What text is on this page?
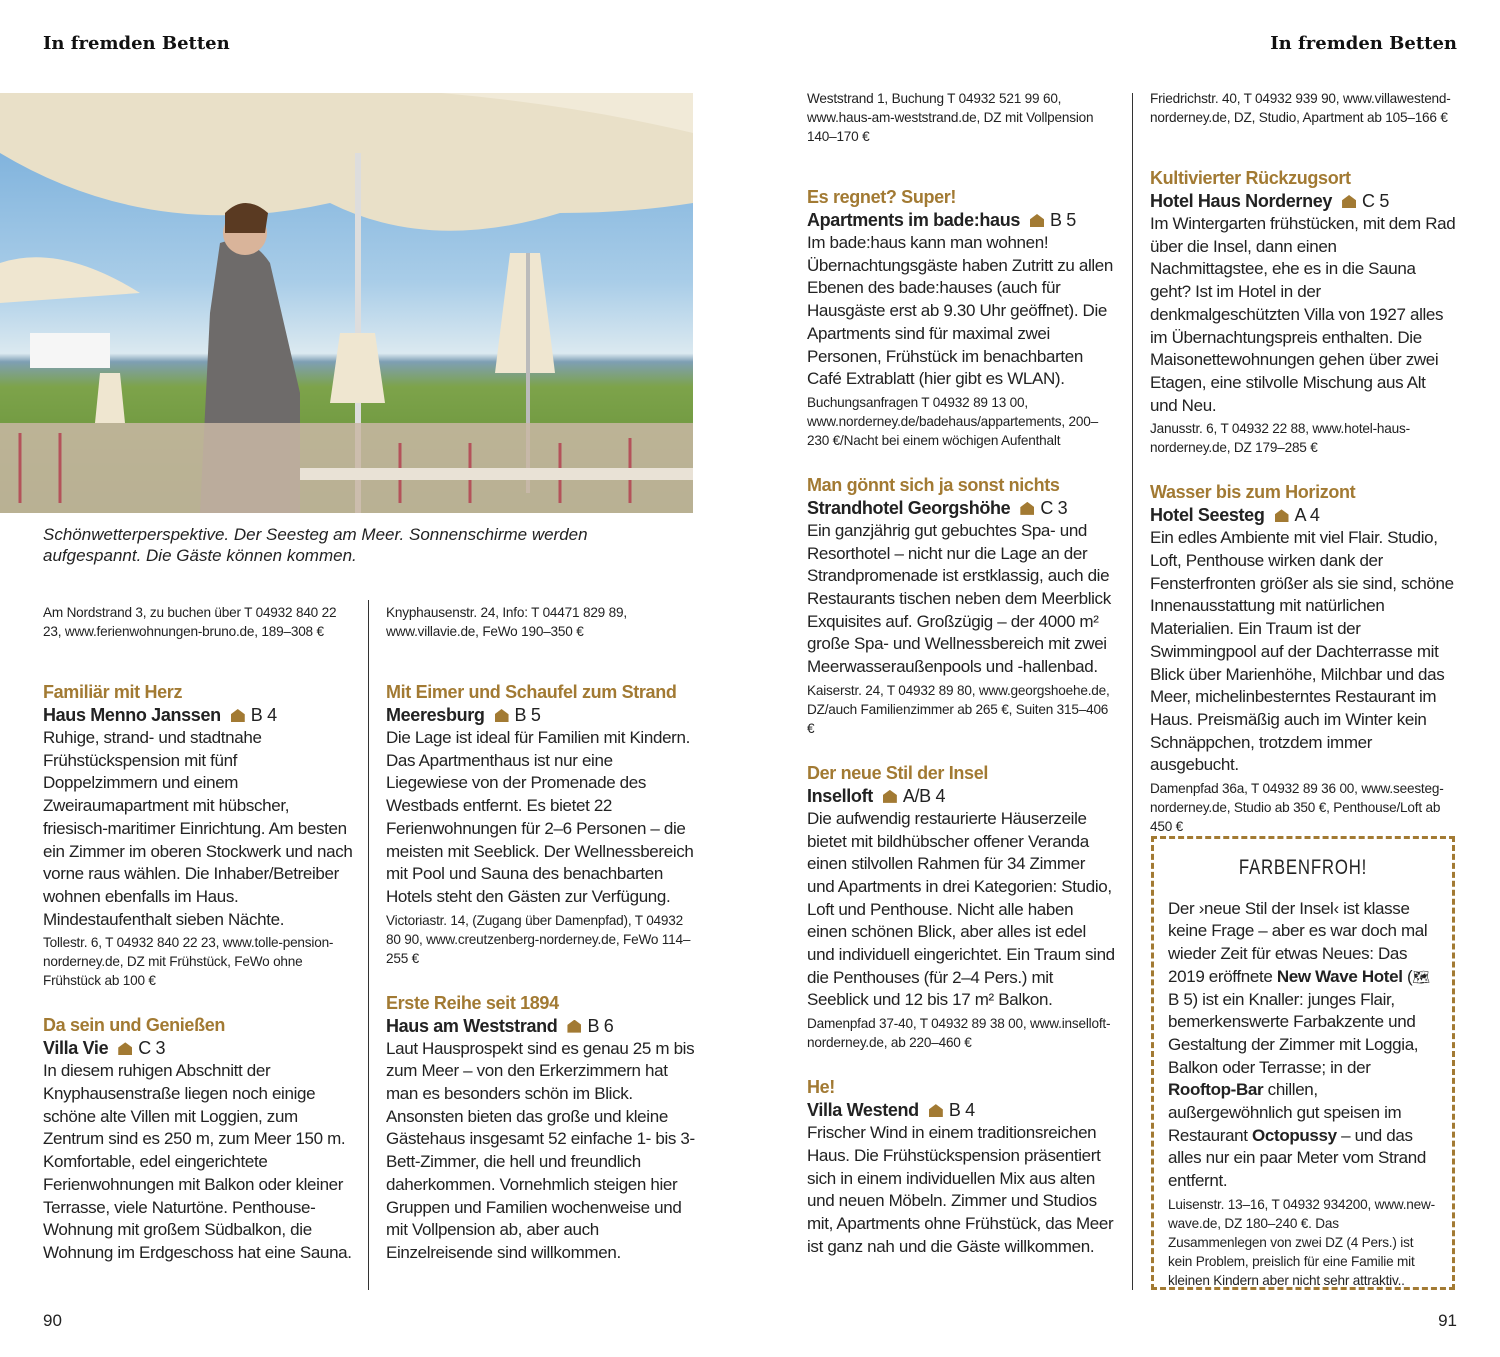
In fremden Betten	In fremden Betten
Schönwetterperspektive. Der Seesteg am Meer. Sonnenschirme werden aufgespannt. Die Gäste können kommen.

Am Nordstrand 3, zu buchen über T 04932 840 22 23, www.ferienwohnungen-bruno.de, 189–308 €

Familiär mit Herz
Haus Menno Janssen B 4

Ruhige, strand- und stadtnahe Frühstückspension mit fünf Doppelzimmern und einem Zweiraumapartment mit hübscher, friesisch-maritimer Einrichtung. Am besten ein Zimmer im oberen Stockwerk und nach vorne raus wählen. Die Inhaber/Betreiber wohnen ebenfalls im Haus. Mindestaufenthalt sieben Nächte.

Tollestr. 6, T 04932 840 22 23, www.tolle-pension-norderney.de, DZ mit Frühstück, FeWo ohne Frühstück ab 100 €

Da sein und Genießen
Villa Vie C 3

In diesem ruhigen Abschnitt der Knyphausenstraße liegen noch einige schöne alte Villen mit Loggien, zum Zentrum sind es 250 m, zum Meer 150 m. Komfortable, edel eingerichtete Ferienwohnungen mit Balkon oder kleiner Terrasse, viele Naturtöne. Penthouse-Wohnung mit großem Südbalkon, die Wohnung im Erdgeschoss hat eine Sauna.

Knyphausenstr. 24, Info: T 04471 829 89, www.villavie.de, FeWo 190–350 €

Mit Eimer und Schaufel zum Strand
Meeresburg B 5

Die Lage ist ideal für Familien mit Kindern. Das Apartmenthaus ist nur eine Liegewiese von der Promenade des Westbads entfernt. Es bietet 22 Ferienwohnungen für 2–6 Personen – die meisten mit Seeblick. Der Wellnessbereich mit Pool und Sauna des benachbarten Hotels steht den Gästen zur Verfügung.

Victoriastr. 14, (Zugang über Damenpfad), T 04932 80 90, www.creutzenberg-norderney.de, FeWo 114–255 €

Erste Reihe seit 1894
Haus am Weststrand B 6

Laut Hausprospekt sind es genau 25 m bis zum Meer – von den Erkerzimmern hat man es besonders schön im Blick. Ansonsten bieten das große und kleine Gästehaus insgesamt 52 einfache 1- bis 3-Bett-Zimmer, die hell und freundlich daherkommen. Vornehmlich steigen hier Gruppen und Familien wochenweise und mit Vollpension ab, aber auch Einzelreisende sind willkommen.

Weststrand 1, Buchung T 04932 521 99 60, www.haus-am-weststrand.de, DZ mit Vollpension 140–170 €

Es regnet? Super!
Apartments im bade:haus B 5

Im bade:haus kann man wohnen! Übernachtungsgäste haben Zutritt zu allen Ebenen des bade:hauses (auch für Hausgäste erst ab 9.30 Uhr geöffnet). Die Apartments sind für maximal zwei Personen, Frühstück im benachbarten Café Extrablatt (hier gibt es WLAN).

Buchungsanfragen T 04932 89 13 00, www.norderney.de/badehaus/appartements, 200–230 €/Nacht bei einem wöchigen Aufenthalt

Man gönnt sich ja sonst nichts
Strandhotel Georgshöhe C 3

Ein ganzjährig gut gebuchtes Spa- und Resorthotel – nicht nur die Lage an der Strandpromenade ist erstklassig, auch die Restaurants tischen neben dem Meerblick Exquisites auf. Großzügig – der 4000 m² große Spa- und Wellnessbereich mit zwei Meerwasseraußenpools und -hallenbad.

Kaiserstr. 24, T 04932 89 80, www.georgshoehe.de, DZ/auch Familienzimmer ab 265 €, Suiten 315–406 €

Der neue Stil der Insel
Inselloft A/B 4

Die aufwendig restaurierte Häuserzeile bietet mit bildhübscher offener Veranda einen stilvollen Rahmen für 34 Zimmer und Apartments in drei Kategorien: Studio, Loft und Penthouse. Nicht alle haben einen schönen Blick, aber alles ist edel und individuell eingerichtet. Ein Traum sind die Penthouses (für 2–4 Pers.) mit Seeblick und 12 bis 17 m² Balkon.

Damenpfad 37-40, T 04932 89 38 00, www.inselloft-norderney.de, ab 220–460 €

He!
Villa Westend B 4

Frischer Wind in einem traditionsreichen Haus. Die Frühstückspension präsentiert sich in einem individuellen Mix aus alten und neuen Möbeln. Zimmer und Studios mit, Apartments ohne Frühstück, das Meer ist ganz nah und die Gäste willkommen.

Friedrichstr. 40, T 04932 939 90, www.villawestend-norderney.de, DZ, Studio, Apartment ab 105–166 €

Kultivierter Rückzugsort
Hotel Haus Norderney C 5

Im Wintergarten frühstücken, mit dem Rad über die Insel, dann einen Nachmittagstee, ehe es in die Sauna geht? Ist im Hotel in der denkmalgeschützten Villa von 1927 alles im Übernachtungspreis enthalten. Die Maisonettewohnungen gehen über zwei Etagen, eine stilvolle Mischung aus Alt und Neu.

Janusstr. 6, T 04932 22 88, www.hotel-haus-norderney.de, DZ 179–285 €

Wasser bis zum Horizont
Hotel Seesteg A 4

Ein edles Ambiente mit viel Flair. Studio, Loft, Penthouse wirken dank der Fensterfronten größer als sie sind, schöne Innenausstattung mit natürlichen Materialien. Ein Traum ist der Swimmingpool auf der Dachterrasse mit Blick über Marienhöhe, Milchbar und das Meer, michelinbesterntes Restaurant im Haus. Preismäßig auch im Winter kein Schnäppchen, trotzdem immer ausgebucht.

Damenpfad 36a, T 04932 89 36 00, www.seesteg-norderney.de, Studio ab 350 €, Penthouse/Loft ab 450 €

FARBENFROH!

Der ›neue Stil der Insel‹ ist klasse keine Frage – aber es war doch mal wieder Zeit für etwas Neues: Das 2019 eröffnete New Wave Hotel (🗺︎ B 5) ist ein Knaller: junges Flair, bemerkenswerte Farbakzente und Gestaltung der Zimmer mit Loggia, Balkon oder Terrasse; in der Rooftop-Bar chillen, außergewöhnlich gut speisen im Restaurant Octopussy – und das alles nur ein paar Meter vom Strand entfernt.

Luisenstr. 13–16, T 04932 934200, www.new-wave.de, DZ 180–240 €. Das Zusammenlegen von zwei DZ (4 Pers.) ist kein Problem, preislich für eine Familie mit kleinen Kindern aber nicht sehr attraktiv..

90	91
